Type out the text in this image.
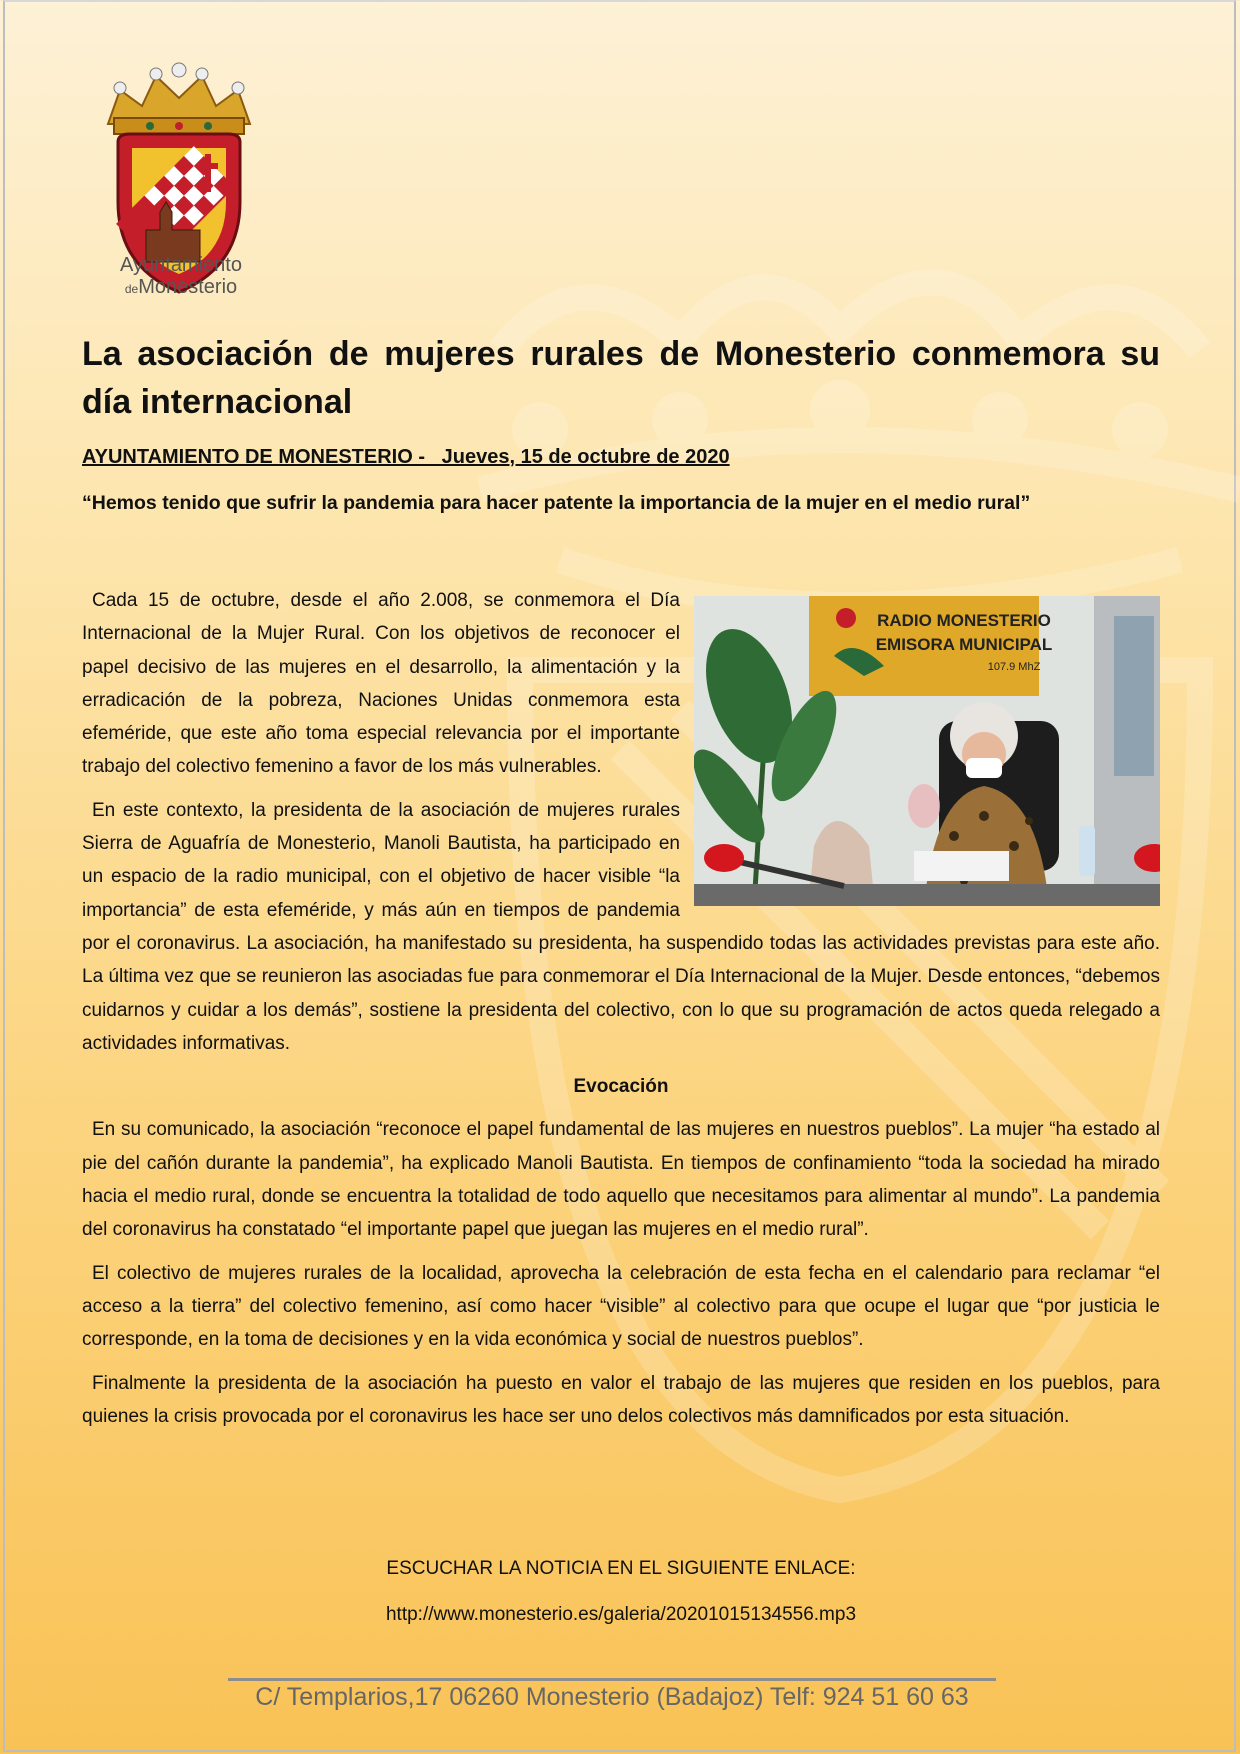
Ayuntamiento
deMonesterio
La asociación de mujeres rurales de Monesterio conmemora su día internacional
AYUNTAMIENTO DE MONESTERIO -   Jueves, 15 de octubre de 2020
“Hemos tenido que sufrir la pandemia para hacer patente la importancia de la mujer en el medio rural”
RADIO MONESTERIO
EMISORA MUNICIPAL
107.9 MhZ

Cada 15 de octubre, desde el año 2.008, se conmemora el Día Internacional de la Mujer Rural. Con los objetivos de reconocer el papel decisivo de las mujeres en el desarrollo, la alimentación y la erradicación de la pobreza, Naciones Unidas conmemora esta efeméride, que este año toma especial relevancia por el importante trabajo del colectivo femenino a favor de los más vulnerables.

En este contexto, la presidenta de la asociación de mujeres rurales Sierra de Aguafría de Monesterio, Manoli Bautista, ha participado en un espacio de la radio municipal, con el objetivo de hacer visible “la importancia” de esta efeméride, y más aún en tiempos de pandemia por el coronavirus. La asociación, ha manifestado su presidenta, ha suspendido todas las actividades previstas para este año. La última vez que se reunieron las asociadas fue para conmemorar el Día Internacional de la Mujer. Desde entonces, “debemos cuidarnos y cuidar a los demás”, sostiene la presidenta del colectivo, con lo que su programación de actos queda relegado a actividades informativas.

Evocación

En su comunicado, la asociación “reconoce el papel fundamental de las mujeres en nuestros pueblos”. La mujer “ha estado al pie del cañón durante la pandemia”, ha explicado Manoli Bautista. En tiempos de confinamiento “toda la sociedad ha mirado hacia el medio rural, donde se encuentra la totalidad de todo aquello que necesitamos para alimentar al mundo”. La pandemia del coronavirus ha constatado “el importante papel que juegan las mujeres en el medio rural”.

El colectivo de mujeres rurales de la localidad, aprovecha la celebración de esta fecha en el calendario para reclamar “el acceso a la tierra” del colectivo femenino, así como hacer “visible” al colectivo para que ocupe el lugar que “por justicia le corresponde, en la toma de decisiones y en la vida económica y social de nuestros pueblos”.

Finalmente la presidenta de la asociación ha puesto en valor el trabajo de las mujeres que residen en los pueblos, para quienes la crisis provocada por el coronavirus les hace ser uno delos colectivos más damnificados por esta situación.

ESCUCHAR LA NOTICIA EN EL SIGUIENTE ENLACE:
http://www.monesterio.es/galeria/20201015134556.mp3
C/ Templarios,17 06260 Monesterio (Badajoz) Telf: 924 51 60 63
